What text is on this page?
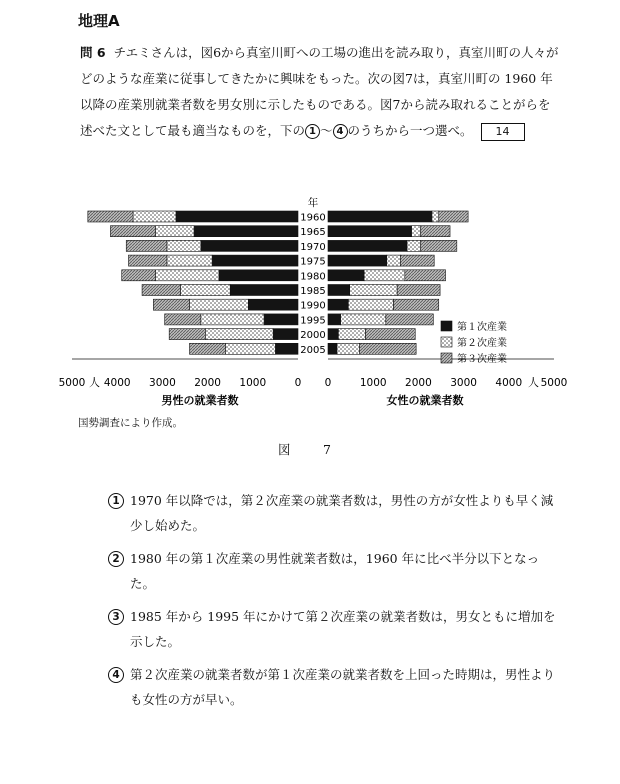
地理A
問 6 チエミさんは，図6から真室川町への工場の進出を読み取り，真室川町の人々がどのような産業に従事してきたかに興味をもった。次の図7は，真室川町の 1960 年以降の産業別就業者数を男女別に示したものである。図7から読み取れることがらを述べた文として最も適当なものを，下の 1 ～ 4 のうちから一つ選べ。 14
1960
1965
1970
1975
1980
1985
1990
1995
2000
2005
年
5000	5000
4000	4000
3000	3000
2000	2000
1000	1000
0 0
人	人
男性の就業者数	女性の就業者数
第１次産業
第２次産業
第３次産業
国勢調査により作成。
図　7
1 1970 年以降では，第２次産業の就業者数は，男性の方が女性よりも早く減少し始めた。
2 1980 年の第１次産業の男性就業者数は，1960 年に比べ半分以下となった。
3 1985 年から 1995 年にかけて第２次産業の就業者数は，男女ともに増加を示した。
4 第２次産業の就業者数が第１次産業の就業者数を上回った時期は，男性よりも女性の方が早い。
